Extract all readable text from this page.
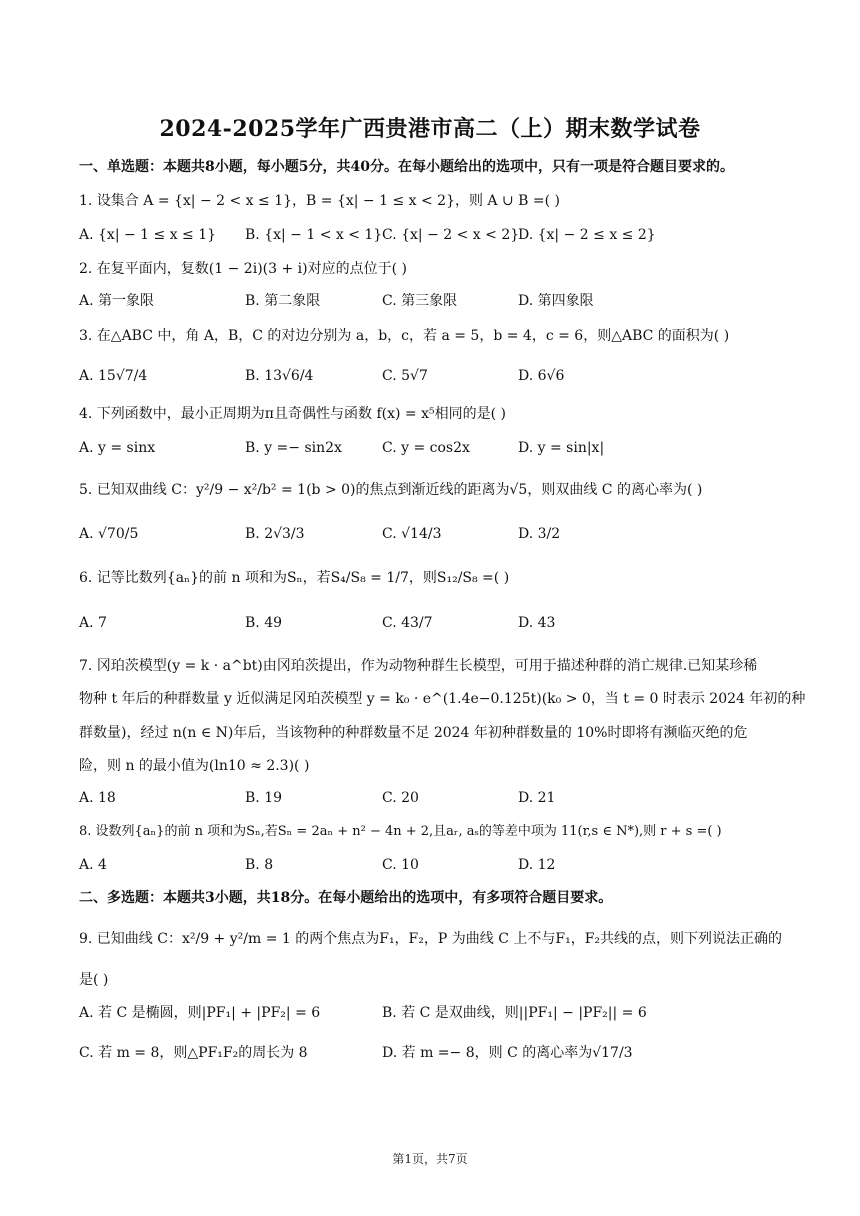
2024-2025学年广西贵港市高二（上）期末数学试卷
一、单选题：本题共8小题，每小题5分，共40分。在每小题给出的选项中，只有一项是符合题目要求的。
1. 设集合 A = {x| − 2 < x ≤ 1}，B = {x| − 1 ≤ x < 2}，则 A ∪ B =( )
A. {x| − 1 ≤ x ≤ 1} B. {x| − 1 < x < 1} C. {x| − 2 < x < 2}
D. {x| − 2 ≤ x ≤ 2}
2. 在复平面内，复数(1 − 2i)(3 + i)对应的点位于( )
A. 第一象限	B. 第二象限	C. 第三象限	D. 第四象限
3. 在△ABC 中，角 A，B，C 的对边分别为 a，b，c，若 a = 5，b = 4，c = 6，则△ABC 的面积为( )
A. 15√7/4	B. 13√6/4	C. 5√7	D. 6√6
4. 下列函数中，最小正周期为π且奇偶性与函数 f(x) = x⁵相同的是( )
A. y = sinx	B. y =− sin2x	C. y = cos2x	D. y = sin|x|
5. 已知双曲线 C：y²/9 − x²/b² = 1(b > 0)的焦点到渐近线的距离为√5，则双曲线 C 的离心率为( )
A. √70/5	B. 2√3/3	C. √14/3	D. 3/2
6. 记等比数列{aₙ}的前 n 项和为Sₙ，若S₄/S₈ = 1/7，则S₁₂/S₈ =( )
A. 7	B. 49	C. 43/7	D. 43
7. 冈珀茨模型(y = k · a^bt)由冈珀茨提出，作为动物种群生长模型，可用于描述种群的消亡规律.已知某珍稀
物种 t 年后的种群数量 y 近似满足冈珀茨模型 y = k₀ · e^(1.4e−0.125t)(k₀ > 0，当 t = 0 时表示 2024 年初的种
群数量)，经过 n(n ∈ N)年后，当该物种的种群数量不足 2024 年初种群数量的 10%时即将有濒临灭绝的危
险，则 n 的最小值为(ln10 ≈ 2.3)( )
A. 18	B. 19	C. 20	D. 21
8. 设数列{aₙ}的前 n 项和为Sₙ,若Sₙ = 2aₙ + n² − 4n + 2,且aᵣ, aₛ的等差中项为 11(r,s ∈ N*),则 r + s =( )
A. 4	B. 8	C. 10	D. 12
二、多选题：本题共3小题，共18分。在每小题给出的选项中，有多项符合题目要求。
9. 已知曲线 C：x²/9 + y²/m = 1 的两个焦点为F₁，F₂，P 为曲线 C 上不与F₁，F₂共线的点，则下列说法正确的
是( )
A. 若 C 是椭圆，则|PF₁| + |PF₂| = 6	B. 若 C 是双曲线，则||PF₁| − |PF₂|| = 6
C. 若 m = 8，则△PF₁F₂的周长为 8	D. 若 m =− 8，则 C 的离心率为√17/3
第1页，共7页
